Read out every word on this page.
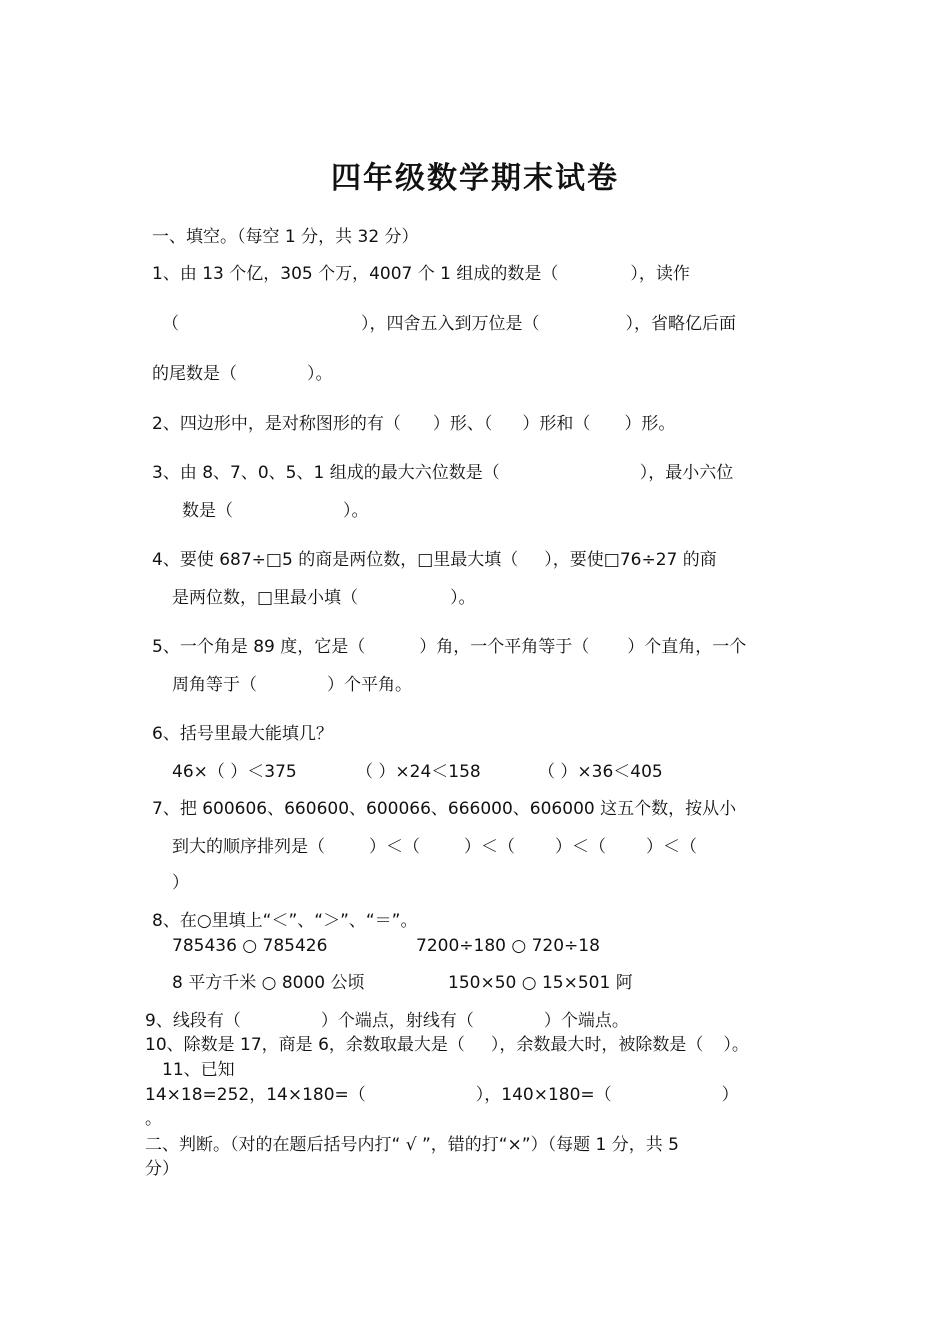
四年级数学期末试卷
一、填空。（每空 1 分，共 32 分）
1、由 13 个亿，305 个万，4007 个 1 组成的数是（	），读作
（	），四舍五入到万位是（	），省略亿后面
的尾数是（	）。
2、四边形中，是对称图形的有（ ）形、（ ）形和（ ）形。
3、由 8、7、0、5、1 组成的最大六位数是（	），最小六位
数是（	）。
4、要使 687÷□5 的商是两位数，□里最大填（ ），要使□76÷27 的商
是两位数，□里最小填（	）。
5、一个角是 89 度，它是（	）角，一个平角等于（ ）个直角，一个
周角等于（	）个平角。
6、括号里最大能填几？
46×（ ）＜375	（ ）×24＜158	（ ）×36＜405
7、把 600606、660600、600066、666000、606000 这五个数，按从小
到大的顺序排列是（	）＜（	）＜（ ）＜（ ）＜（
）
8、在○里填上“＜”、“＞”、“＝”。
785436 ○ 785426	7200÷180 ○ 720÷18
8 平方千米 ○ 8000 公顷	150×50 ○ 15×501 阿
9、线段有（	）个端点，射线有（	）个端点。
10、除数是 17，商是 6，余数取最大是（ ），余数最大时，被除数是（ ）。
11、已知
14×18=252，14×180=（	），140×180=（	）
。
二、判断。（对的在题后括号内打“ √ ”，错的打“×”）（每题 1 分，共 5
分）
